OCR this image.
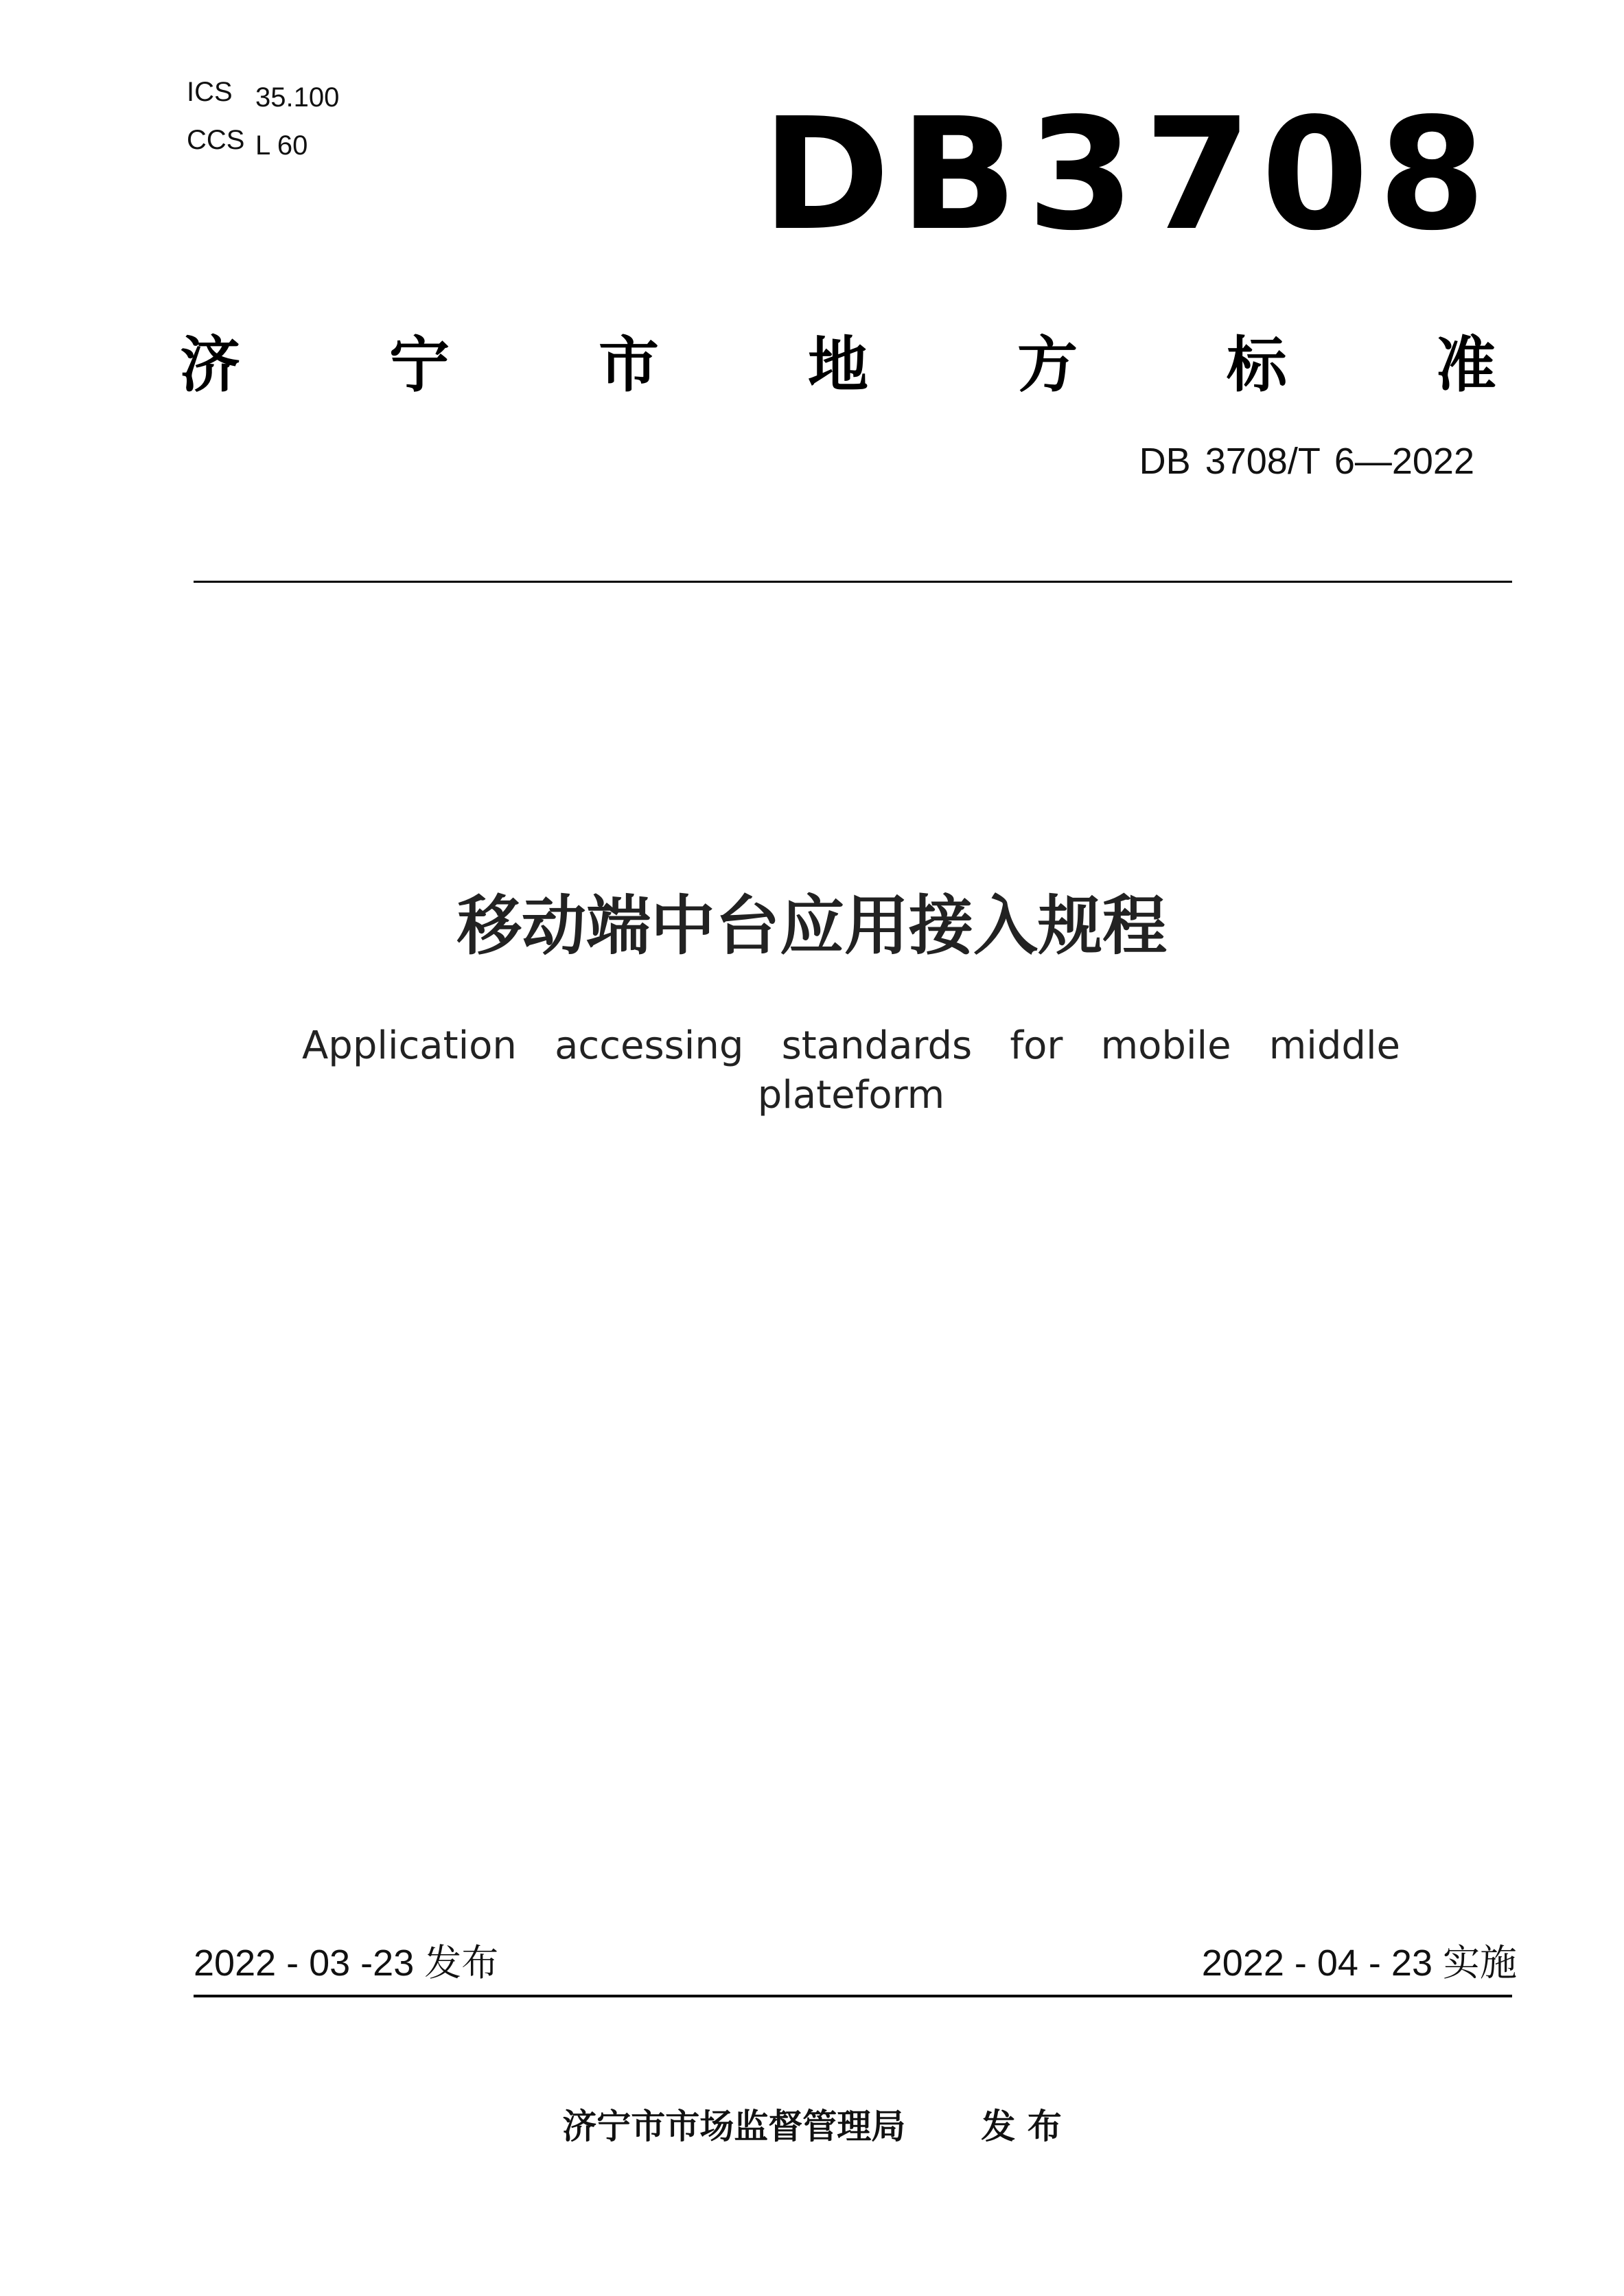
ICS 35.100
CCS L 60	DB3708
济 宁 市 地 方 标 准
DB 3708/T 6—2022
移动端中台应用接入规程
Application accessing standards for mobile middle
plateform
2022 - 03 -23 发布	2022 - 04 - 23 实施
济宁市市场监督管理局 发 布
